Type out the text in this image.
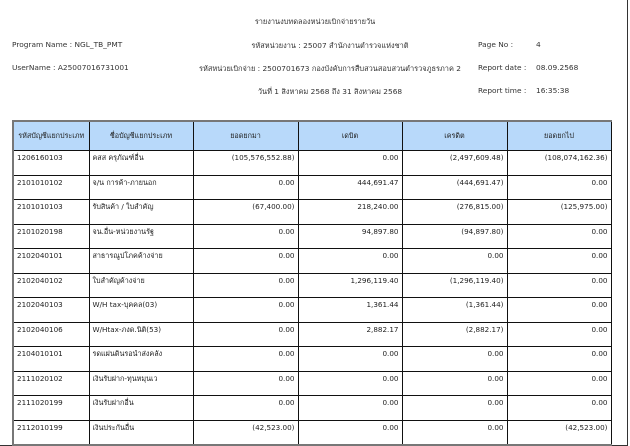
รายงานงบทดลองหน่วยเบิกจ่ายรายวัน
Program Name : NGL_TB_PMT
UserName : A25007016731001
รหัสหน่วยงาน : 25007 สำนักงานตำรวจแห่งชาติ
รหัสหน่วยเบิกจ่าย : 2500701673 กองบังคับการสืบสวนสอบสวนตำรวจภูธรภาค 2
วันที่ 1 สิงหาคม 2568 ถึง 31 สิงหาคม 2568
Page No :	4
Report date : 08.09.2568
Report time : 16:35:38
รหัสบัญชีแยกประเภท	ชื่อบัญชีแยกประเภท	ยอดยกมา	เดบิต	เครดิต	ยอดยกไป
1206160103	คสส ครุภัณฑ์อื่น	(105,576,552.88)	0.00	(2,497,609.48)	(108,074,162.36)
2101010102	จ/น การค้า-ภายนอก	0.00	444,691.47	(444,691.47)	0.00
2101010103	รับสินค้า / ใบสำคัญ	(67,400.00)	218,240.00	(276,815.00)	(125,975.00)
2101020198	จน.อื่น-หน่วยงานรัฐ	0.00	94,897.80	(94,897.80)	0.00
2102040101	สาธารณูปโภคค้างจ่าย	0.00	0.00	0.00	0.00
2102040102	ใบสำคัญค้างจ่าย	0.00	1,296,119.40	(1,296,119.40)	0.00
2102040103	W/H tax-บุคคล(03)	0.00	1,361.44	(1,361.44)	0.00
2102040106	W/Htax-ภงด.นิติ(53)	0.00	2,882.17	(2,882.17)	0.00
2104010101	รดแผ่นดินรอนำส่งคลัง	0.00	0.00	0.00	0.00
2111020102	เงินรับฝาก-ทุนหมุนเว	0.00	0.00	0.00	0.00
2111020199	เงินรับฝากอื่น	0.00	0.00	0.00	0.00
2112010199	เงินประกันอื่น	(42,523.00)	0.00	0.00	(42,523.00)
